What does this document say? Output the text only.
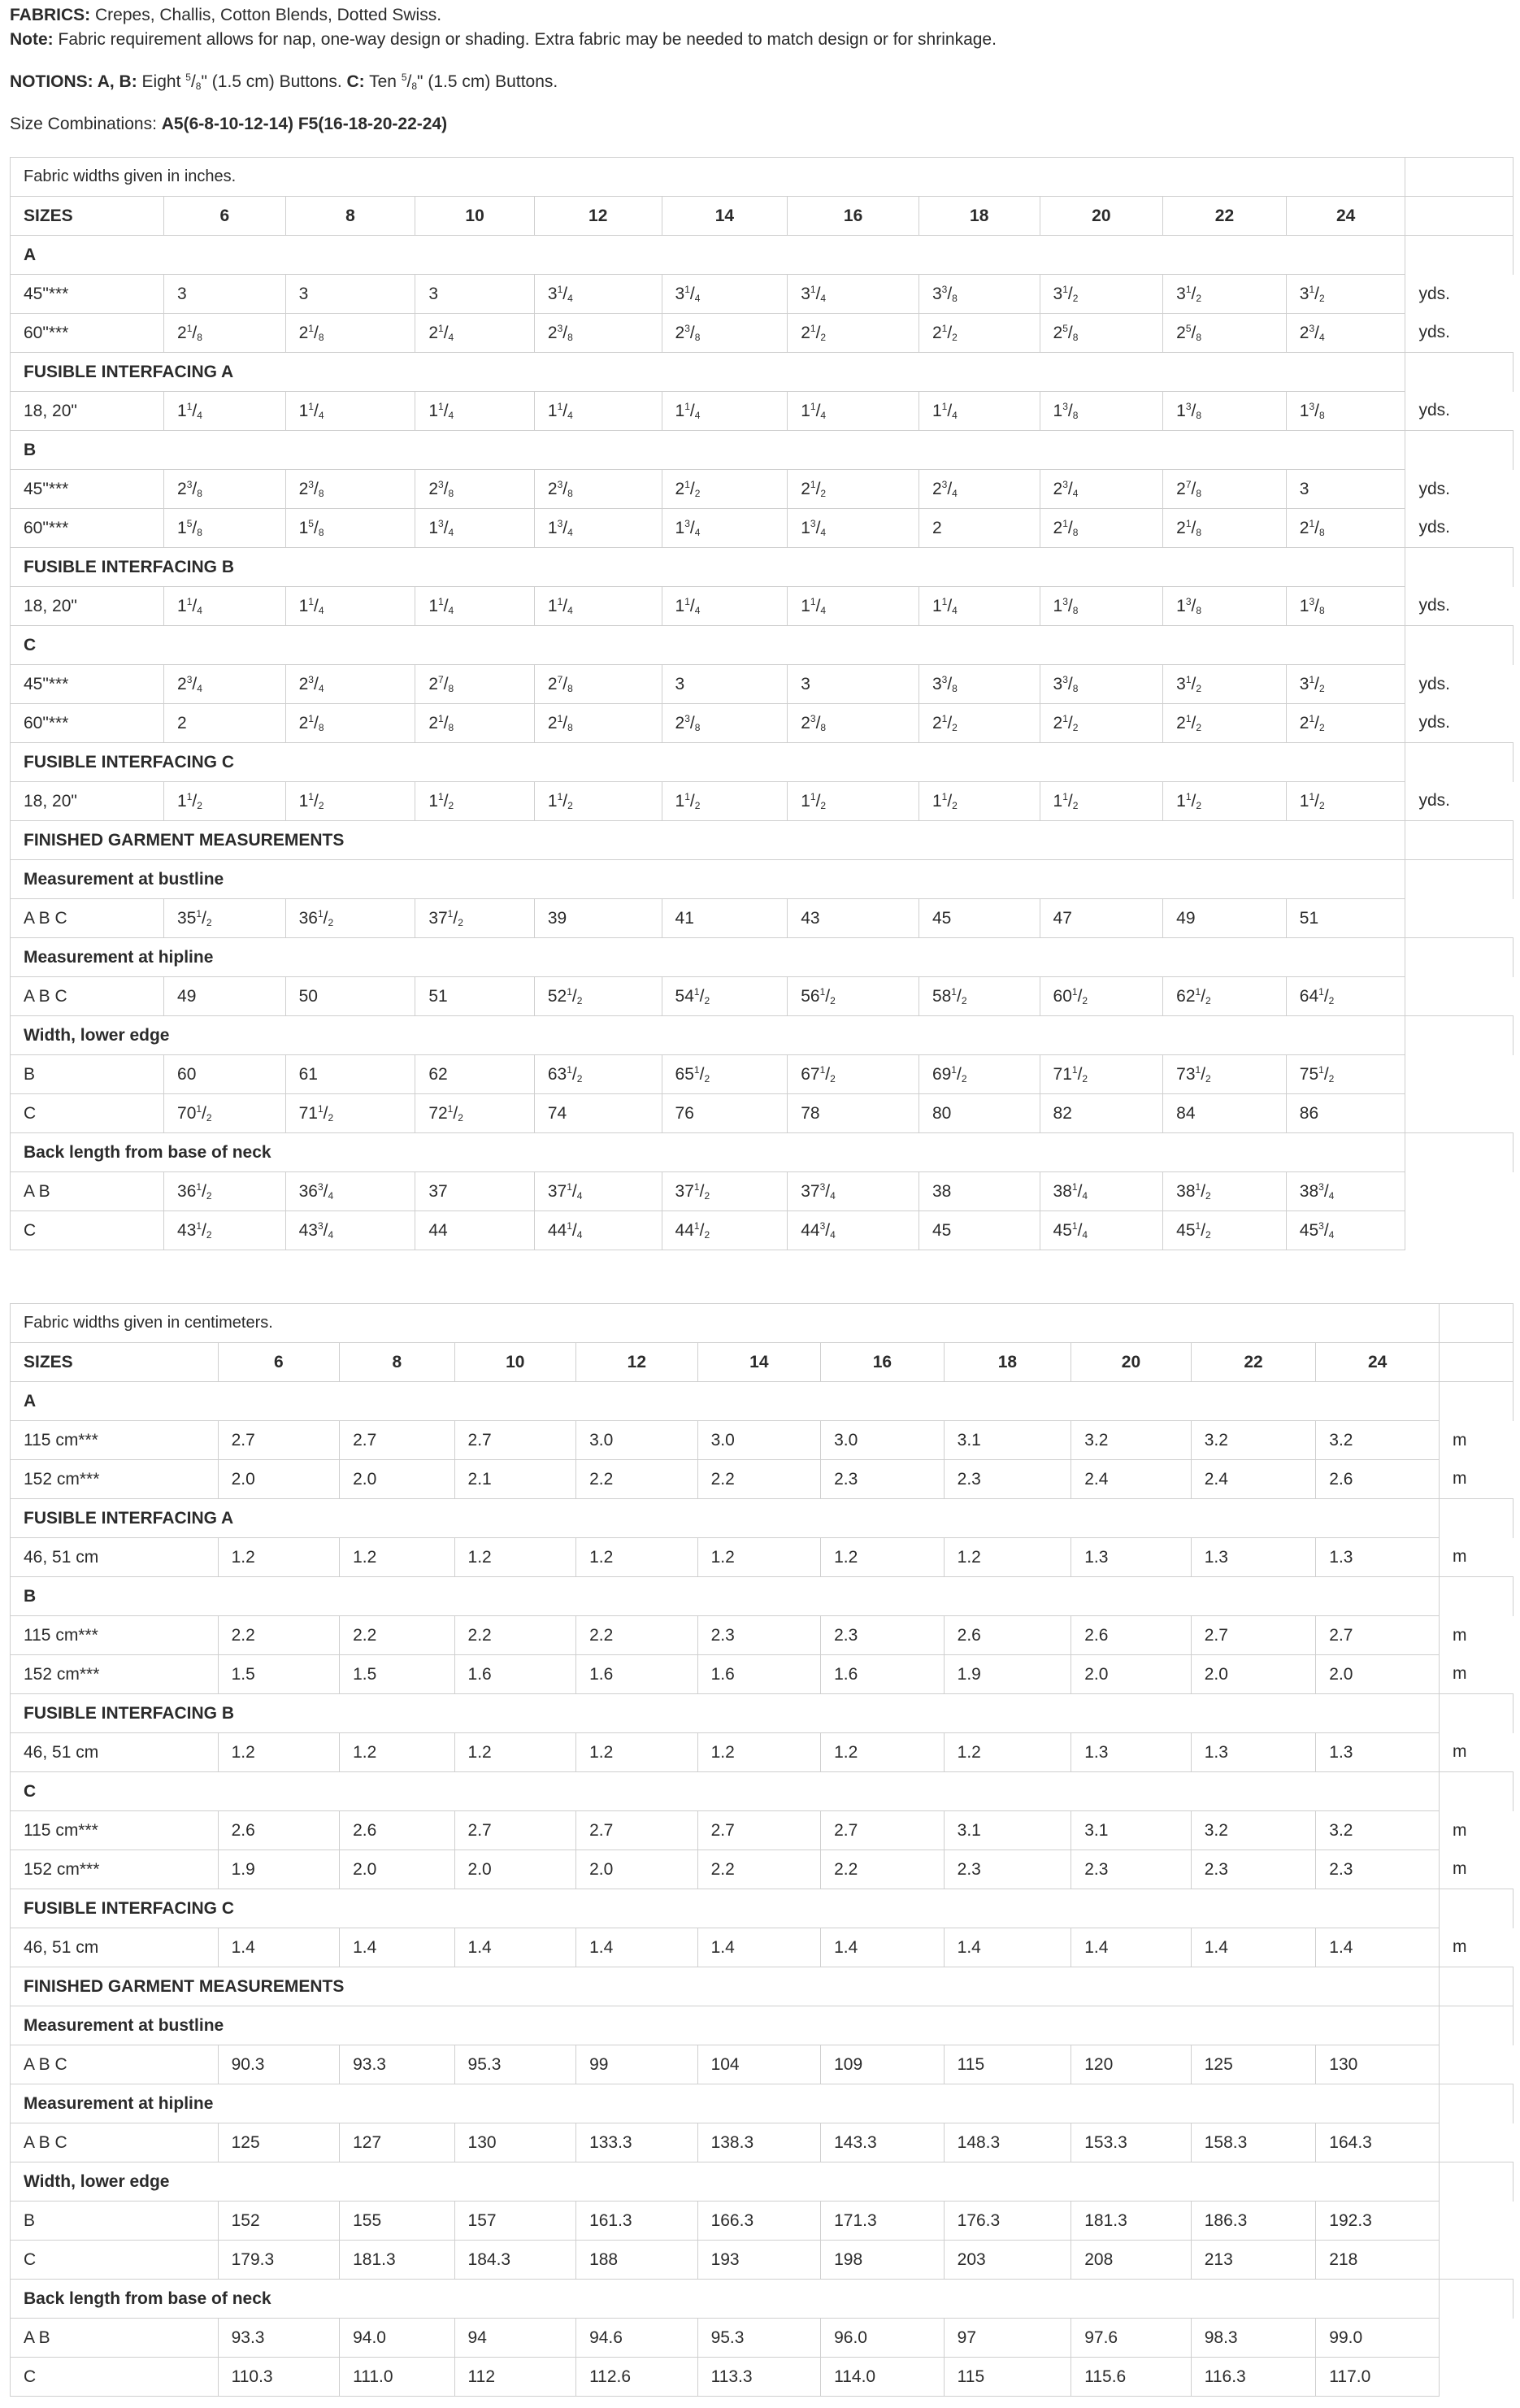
FABRICS: Crepes, Challis, Cotton Blends, Dotted Swiss.

Note: Fabric requirement allows for nap, one-way design or shading. Extra fabric may be needed to match design or for shrinkage.

NOTIONS: A, B: Eight $^5/_8$" (1.5 cm) Buttons. C: Ten $^5/_8$" (1.5 cm) Buttons.

Size Combinations: A5(6-8-10-12-14) F5(16-18-20-22-24)

Fabric widths given in inches.											
SIZES	6	8	10	12	14	16	18	20	22	24	
A											
45"***	3	3	3	$3^1/_4$	$3^1/_4$	$3^1/_4$	$3^3/_8$	$3^1/_2$	$3^1/_2$	$3^1/_2$	yds.
60"***	$2^1/_8$	$2^1/_8$	$2^1/_4$	$2^3/_8$	$2^3/_8$	$2^1/_2$	$2^1/_2$	$2^5/_8$	$2^5/_8$	$2^3/_4$	yds.
FUSIBLE INTERFACING A											
18, 20"	$1^1/_4$	$1^1/_4$	$1^1/_4$	$1^1/_4$	$1^1/_4$	$1^1/_4$	$1^1/_4$	$1^3/_8$	$1^3/_8$	$1^3/_8$	yds.
B											
45"***	$2^3/_8$	$2^3/_8$	$2^3/_8$	$2^3/_8$	$2^1/_2$	$2^1/_2$	$2^3/_4$	$2^3/_4$	$2^7/_8$	3	yds.
60"***	$1^5/_8$	$1^5/_8$	$1^3/_4$	$1^3/_4$	$1^3/_4$	$1^3/_4$	2	$2^1/_8$	$2^1/_8$	$2^1/_8$	yds.
FUSIBLE INTERFACING B											
18, 20"	$1^1/_4$	$1^1/_4$	$1^1/_4$	$1^1/_4$	$1^1/_4$	$1^1/_4$	$1^1/_4$	$1^3/_8$	$1^3/_8$	$1^3/_8$	yds.
C											
45"***	$2^3/_4$	$2^3/_4$	$2^7/_8$	$2^7/_8$	3	3	$3^3/_8$	$3^3/_8$	$3^1/_2$	$3^1/_2$	yds.
60"***	2	$2^1/_8$	$2^1/_8$	$2^1/_8$	$2^3/_8$	$2^3/_8$	$2^1/_2$	$2^1/_2$	$2^1/_2$	$2^1/_2$	yds.
FUSIBLE INTERFACING C											
18, 20"	$1^1/_2$	$1^1/_2$	$1^1/_2$	$1^1/_2$	$1^1/_2$	$1^1/_2$	$1^1/_2$	$1^1/_2$	$1^1/_2$	$1^1/_2$	yds.
FINISHED GARMENT MEASUREMENTS											
Measurement at bustline											
A B C	$35^1/_2$	$36^1/_2$	$37^1/_2$	39	41	43	45	47	49	51	
Measurement at hipline											
A B C	49	50	51	$52^1/_2$	$54^1/_2$	$56^1/_2$	$58^1/_2$	$60^1/_2$	$62^1/_2$	$64^1/_2$	
Width, lower edge											
B	60	61	62	$63^1/_2$	$65^1/_2$	$67^1/_2$	$69^1/_2$	$71^1/_2$	$73^1/_2$	$75^1/_2$	
C	$70^1/_2$	$71^1/_2$	$72^1/_2$	74	76	78	80	82	84	86	
Back length from base of neck											
A B	$36^1/_2$	$36^3/_4$	37	$37^1/_4$	$37^1/_2$	$37^3/_4$	38	$38^1/_4$	$38^1/_2$	$38^3/_4$	
C	$43^1/_2$	$43^3/_4$	44	$44^1/_4$	$44^1/_2$	$44^3/_4$	45	$45^1/_4$	$45^1/_2$	$45^3/_4$	
Fabric widths given in centimeters.											
SIZES	6	8	10	12	14	16	18	20	22	24	
A											
115 cm***	2.7	2.7	2.7	3.0	3.0	3.0	3.1	3.2	3.2	3.2	m
152 cm***	2.0	2.0	2.1	2.2	2.2	2.3	2.3	2.4	2.4	2.6	m
FUSIBLE INTERFACING A											
46, 51 cm	1.2	1.2	1.2	1.2	1.2	1.2	1.2	1.3	1.3	1.3	m
B											
115 cm***	2.2	2.2	2.2	2.2	2.3	2.3	2.6	2.6	2.7	2.7	m
152 cm***	1.5	1.5	1.6	1.6	1.6	1.6	1.9	2.0	2.0	2.0	m
FUSIBLE INTERFACING B											
46, 51 cm	1.2	1.2	1.2	1.2	1.2	1.2	1.2	1.3	1.3	1.3	m
C											
115 cm***	2.6	2.6	2.7	2.7	2.7	2.7	3.1	3.1	3.2	3.2	m
152 cm***	1.9	2.0	2.0	2.0	2.2	2.2	2.3	2.3	2.3	2.3	m
FUSIBLE INTERFACING C											
46, 51 cm	1.4	1.4	1.4	1.4	1.4	1.4	1.4	1.4	1.4	1.4	m
FINISHED GARMENT MEASUREMENTS											
Measurement at bustline											
A B C	90.3	93.3	95.3	99	104	109	115	120	125	130	
Measurement at hipline											
A B C	125	127	130	133.3	138.3	143.3	148.3	153.3	158.3	164.3	
Width, lower edge											
B	152	155	157	161.3	166.3	171.3	176.3	181.3	186.3	192.3	
C	179.3	181.3	184.3	188	193	198	203	208	213	218	
Back length from base of neck											
A B	93.3	94.0	94	94.6	95.3	96.0	97	97.6	98.3	99.0	
C	110.3	111.0	112	112.6	113.3	114.0	115	115.6	116.3	117.0	
